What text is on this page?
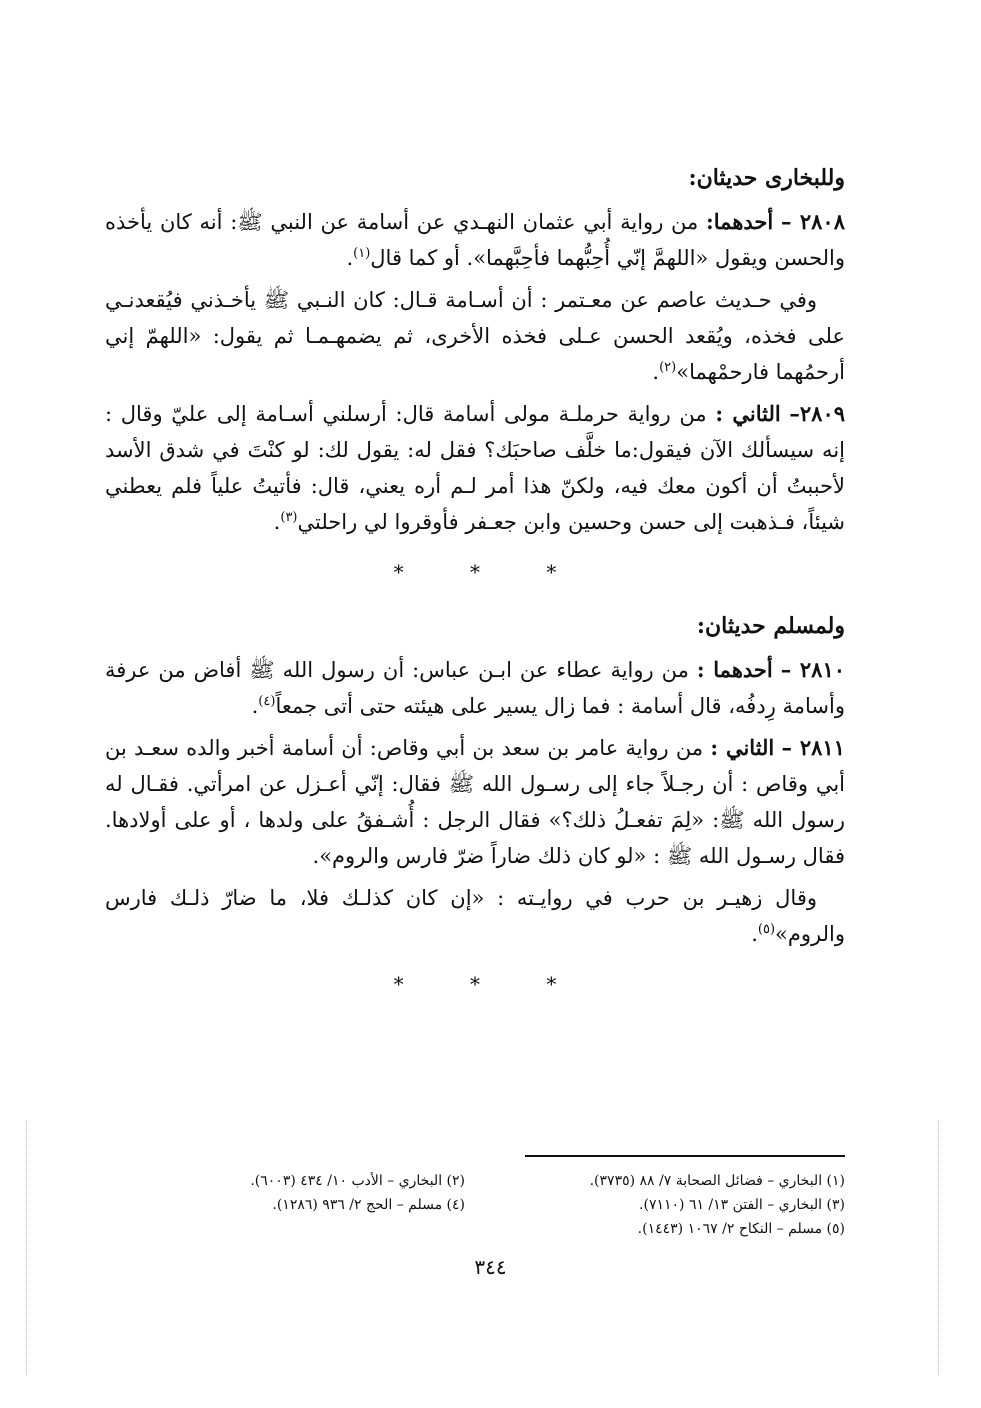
وللبخارى حديثان:

٢٨٠٨ – أحدهما: من رواية أبي عثمان النهـدي عن أسامة عن النبي ﷺ: أنه كان يأخذه والحسن ويقول «اللهمَّ إنّي أُحِبُّهما فأحِبَّهما». أو كما قال$^{(١)}$.

وفي حـديث عاصم عن معـتمر : أن أسـامة قـال: كان النـبي ﷺ يأخـذني فيُقعدنـي على فخذه، ويُقعد الحسن عـلى فخذه الأخرى، ثم يضمهـمـا ثم يقول: «اللهمّ إني أرحمُهما فارحمْهما»$^{(٢)}$.

٢٨٠٩– الثاني : من رواية حرملـة مولى أسامة قال: أرسلني أسـامة إلى عليّ وقال : إنه سيسألك الآن فيقول:ما خلَّف صاحبَك؟ فقل له: يقول لك: لو كنْتَ في شدق الأسد لأحببتُ أن أكون معك فيه، ولكنّ هذا أمر لـم أره يعني، قال: فأتيتُ علياً فلم يعطني شيئاً، فـذهبت إلى حسن وحسين وابن جعـفر فأوقروا لي راحلتي$^{(٣)}$.

* * *
ولمسلم حديثان:

٢٨١٠ – أحدهما : من رواية عطاء عن ابـن عباس: أن رسول الله ﷺ أفاض من عرفة وأسامة رِدفُه، قال أسامة : فما زال يسير على هيئته حتى أتى جمعاً$^{(٤)}$.

٢٨١١ – الثاني : من رواية عامر بن سعد بن أبي وقاص: أن أسامة أخبر والده سعـد بن أبي وقاص : أن رجـلاً جاء إلى رسـول الله ﷺ فقال: إنّي أعـزل عن امرأتي. فقـال له رسول الله ﷺ: «لِمَ تفعـلُ ذلك؟» فقال الرجل : أُشـفقُ على ولدها ، أو على أولادها. فقال رسـول الله ﷺ : «لو كان ذلك ضاراً ضرّ فارس والروم».

وقال زهيـر بن حرب في روايـته : «إن كان كذلـك فلا، ما ضارّ ذلـك فارس والروم»$^{(٥)}$.

* * *
(١) البخاري – فضائل الصحابة ٧/ ٨٨ (٣٧٣٥).
(٢) البخاري – الأدب ١٠/ ٤٣٤ (٦٠٠٣).
(٣) البخاري – الفتن ١٣/ ٦١ (٧١١٠).
(٤) مسلم – الحج ٢/ ٩٣٦ (١٢٨٦).
(٥) مسلم – النكاح ٢/ ١٠٦٧ (١٤٤٣).
٣٤٤
